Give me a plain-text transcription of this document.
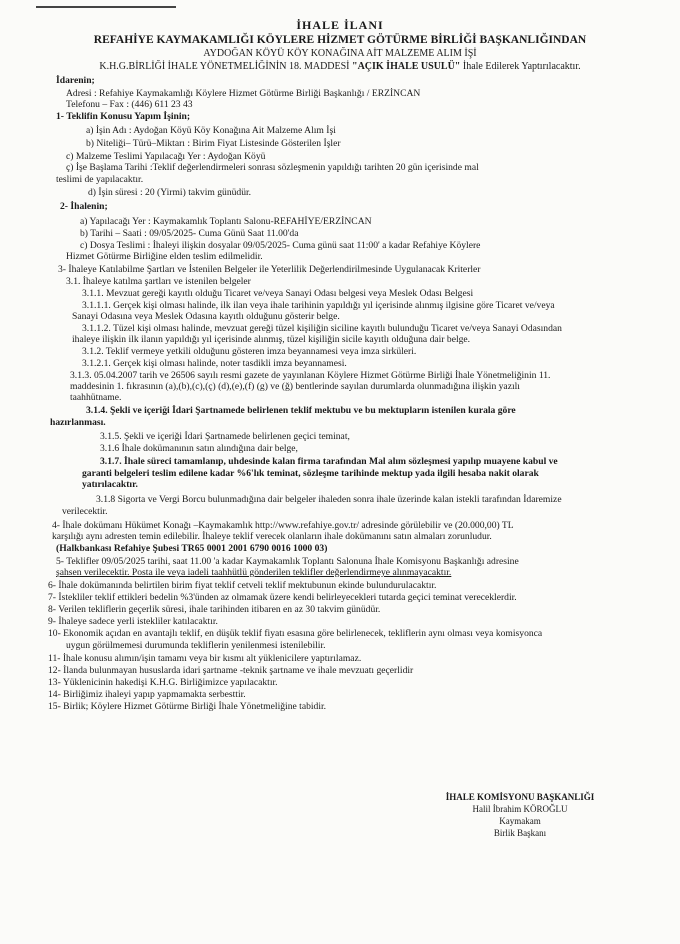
İHALE İLANI
REFAHİYE KAYMAKAMLIĞI KÖYLERE HİZMET GÖTÜRME BİRLİĞİ BAŞKANLIĞINDAN
AYDOĞAN KÖYÜ KÖY KONAĞINA AİT MALZEME ALIM İŞİ
K.H.G.BİRLİĞİ İHALE YÖNETMELİĞİNİN 18. MADDESİ "AÇIK İHALE USULÜ" İhale Edilerek Yaptırılacaktır.
İdarenin;
Adresi : Refahiye Kaymakamlığı Köylere Hizmet Götürme Birliği Başkanlığı / ERZİNCAN
Telefonu – Fax : (446) 611 23 43
1- Teklifin Konusu Yapım İşinin;
a) İşin Adı : Aydoğan Köyü Köy Konağına Ait Malzeme Alım İşi
b) Niteliği– Türü–Miktarı : Birim Fiyat Listesinde Gösterilen İşler
c) Malzeme Teslimi Yapılacağı Yer : Aydoğan Köyü
ç) İşe Başlama Tarihi :Teklif değerlendirmeleri sonrası sözleşmenin yapıldığı tarihten 20 gün içerisinde mal
teslimi de yapılacaktır.
d) İşin süresi : 20 (Yirmi) takvim günüdür.
2- İhalenin;
a) Yapılacağı Yer : Kaymakamlık Toplantı Salonu-REFAHİYE/ERZİNCAN
b) Tarihi – Saati : 09/05/2025- Cuma Günü Saat 11.00'da
c) Dosya Teslimi : İhaleyi ilişkin dosyalar 09/05/2025- Cuma günü saat 11:00' a kadar Refahiye Köylere
Hizmet Götürme Birliğine elden teslim edilmelidir.
3- İhaleye Katılabilme Şartları ve İstenilen Belgeler ile Yeterlilik Değerlendirilmesinde Uygulanacak Kriterler
3.1. İhaleye katılma şartları ve istenilen belgeler
3.1.1. Mevzuat gereği kayıtlı olduğu Ticaret ve/veya Sanayi Odası belgesi veya Meslek Odası Belgesi
3.1.1.1. Gerçek kişi olması halinde, ilk ilan veya ihale tarihinin yapıldığı yıl içerisinde alınmış ilgisine göre Ticaret ve/veya
Sanayi Odasına veya Meslek Odasına kayıtlı olduğunu gösterir belge.
3.1.1.2. Tüzel kişi olması halinde, mevzuat gereği tüzel kişiliğin siciline kayıtlı bulunduğu Ticaret ve/veya Sanayi Odasından
ihaleye ilişkin ilk ilanın yapıldığı yıl içerisinde alınmış, tüzel kişiliğin sicile kayıtlı olduğuna dair belge.
3.1.2. Teklif vermeye yetkili olduğunu gösteren imza beyannamesi veya imza sirküleri.
3.1.2.1. Gerçek kişi olması halinde, noter tasdikli imza beyannamesi.
3.1.3. 05.04.2007 tarih ve 26506 sayılı resmi gazete de yayınlanan Köylere Hizmet Götürme Birliği İhale Yönetmeliğinin 11.
maddesinin 1. fıkrasının (a),(b),(c),(ç) (d),(e),(f) (g) ve (ğ) bentlerinde sayılan durumlarda olunmadığına ilişkin yazılı
taahhütname.
3.1.4. Şekli ve içeriği İdari Şartnamede belirlenen teklif mektubu ve bu mektupların istenilen kurala göre
hazırlanması.
3.1.5. Şekli ve içeriği İdari Şartnamede belirlenen geçici teminat,
3.1.6 İhale dokümanının satın alındığına dair belge,
3.1.7. İhale süreci tamamlanıp, uhdesinde kalan firma tarafından Mal alım sözleşmesi yapılıp muayene kabul ve
garanti belgeleri teslim edilene kadar %6'lık teminat, sözleşme tarihinde mektup yada ilgili hesaba nakit olarak
yatırılacaktır.
3.1.8 Sigorta ve Vergi Borcu bulunmadığına dair belgeler ihaleden sonra ihale üzerinde kalan istekli tarafından İdaremize
verilecektir.
4- İhale dokümanı Hükümet Konağı –Kaymakamlık http://www.refahiye.gov.tr/ adresinde görülebilir ve (20.000,00) TL
karşılığı aynı adresten temin edilebilir. İhaleye teklif verecek olanların ihale dokümanını satın almaları zorunludur.
(Halkbankası Refahiye Şubesi TR65 0001 2001 6790 0016 1000 03)
5- Teklifler 09/05/2025 tarihi, saat 11.00 'a kadar Kaymakamlık Toplantı Salonuna İhale Komisyonu Başkanlığı adresine
şahsen verilecektir. Posta ile veya iadeli taahhütlü gönderilen teklifler değerlendirmeye alınmayacaktır.
6- İhale dokümanında belirtilen birim fiyat teklif cetveli teklif mektubunun ekinde bulundurulacaktır.
7- İstekliler teklif ettikleri bedelin %3'ünden az olmamak üzere kendi belirleyecekleri tutarda geçici teminat vereceklerdir.
8- Verilen tekliflerin geçerlik süresi, ihale tarihinden itibaren en az 30 takvim günüdür.
9- İhaleye sadece yerli istekliler katılacaktır.
10- Ekonomik açıdan en avantajlı teklif, en düşük teklif fiyatı esasına göre belirlenecek, tekliflerin aynı olması veya komisyonca
uygun görülmemesi durumunda tekliflerin yenilenmesi istenilebilir.
11- İhale konusu alımın/işin tamamı veya bir kısmı alt yüklenicilere yaptırılamaz.
12- İlanda bulunmayan hususlarda idari şartname -teknik şartname ve ihale mevzuatı geçerlidir
13- Yüklenicinin hakedişi K.H.G. Birliğimizce yapılacaktır.
14- Birliğimiz ihaleyi yapıp yapmamakta serbesttir.
15- Birlik; Köylere Hizmet Götürme Birliği İhale Yönetmeliğine tabidir.
İHALE KOMİSYONU BAŞKANLIĞI
Halil İbrahim KÖROĞLU
Kaymakam
Birlik Başkanı
